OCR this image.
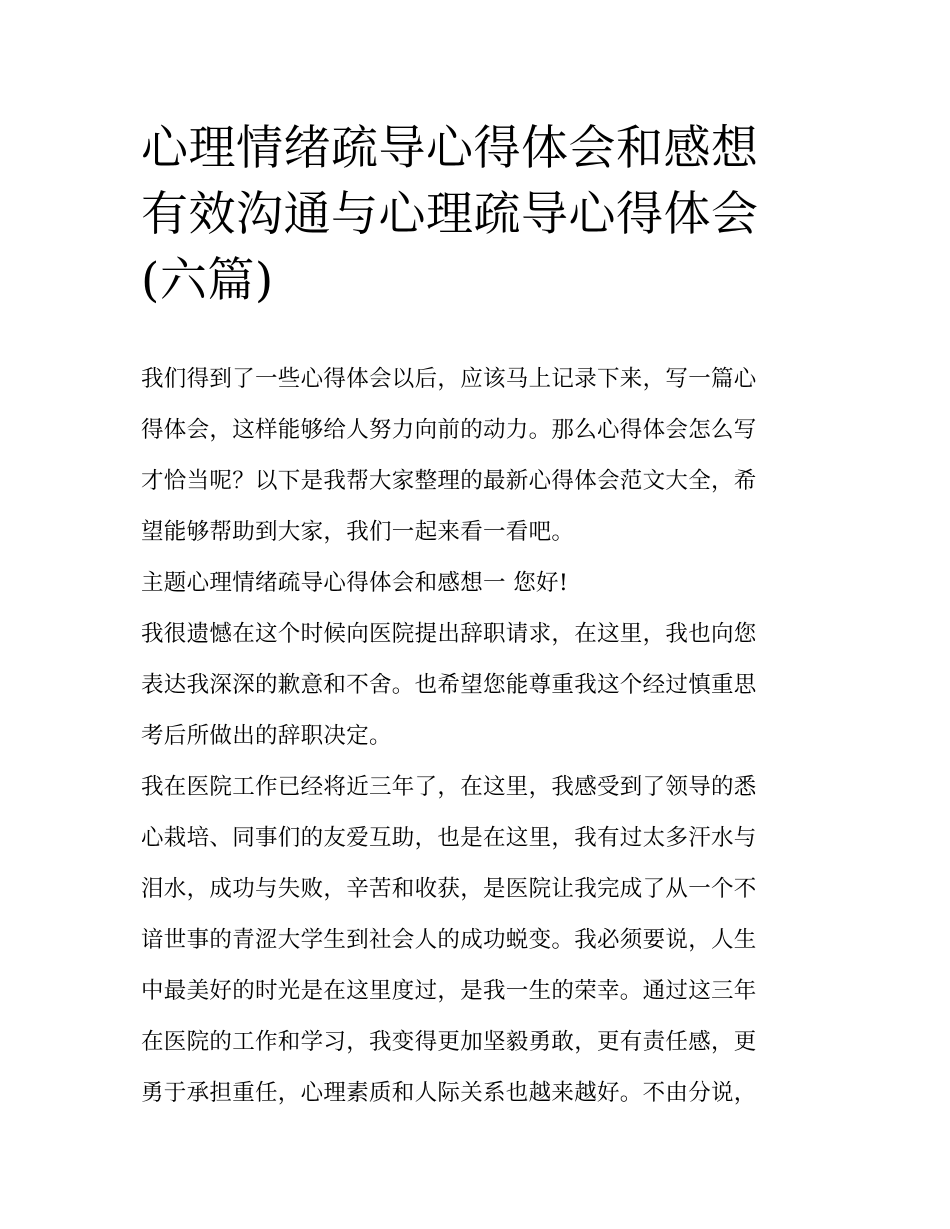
心理情绪疏导心得体会和感想
有效沟通与心理疏导心得体会
(六篇)
我们得到了一些心得体会以后，应该马上记录下来，写一篇心
得体会，这样能够给人努力向前的动力。那么心得体会怎么写
才恰当呢？以下是我帮大家整理的最新心得体会范文大全，希
望能够帮助到大家，我们一起来看一看吧。
主题心理情绪疏导心得体会和感想一 您好!
我很遗憾在这个时候向医院提出辞职请求，在这里，我也向您
表达我深深的歉意和不舍。也希望您能尊重我这个经过慎重思
考后所做出的辞职决定。
我在医院工作已经将近三年了，在这里，我感受到了领导的悉
心栽培、同事们的友爱互助，也是在这里，我有过太多汗水与
泪水，成功与失败，辛苦和收获，是医院让我完成了从一个不
谙世事的青涩大学生到社会人的成功蜕变。我必须要说，人生
中最美好的时光是在这里度过，是我一生的荣幸。通过这三年
在医院的工作和学习，我变得更加坚毅勇敢，更有责任感，更
勇于承担重任，心理素质和人际关系也越来越好。不由分说，
